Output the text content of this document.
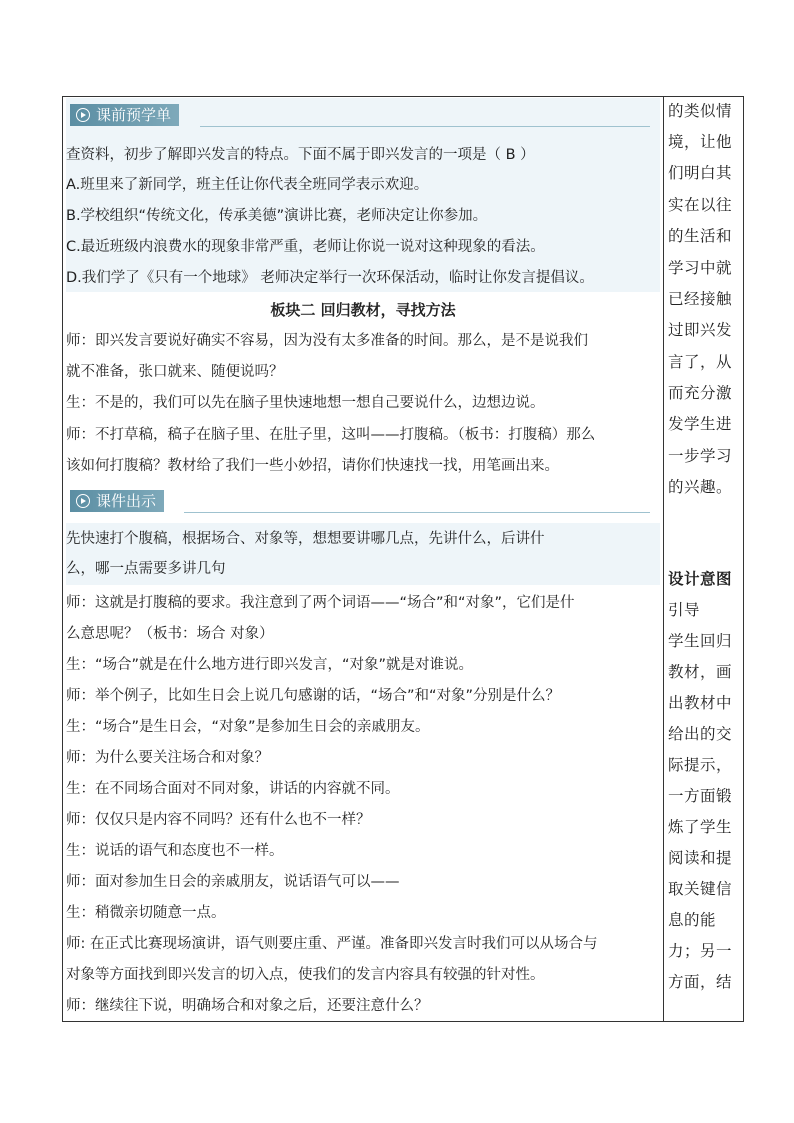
课前预学单
查资料，初步了解即兴发言的特点。下面不属于即兴发言的一项是（ B ）
A.班里来了新同学，班主任让你代表全班同学表示欢迎。
B.学校组织“传统文化，传承美德”演讲比赛，老师决定让你参加。
C.最近班级内浪费水的现象非常严重，老师让你说一说对这种现象的看法。
D.我们学了《只有一个地球》 老师决定举行一次环保活动，临时让你发言提倡议。
板块二 回归教材，寻找方法
师：即兴发言要说好确实不容易，因为没有太多准备的时间。那么，是不是说我们
就不准备，张口就来、随便说吗？
生：不是的，我们可以先在脑子里快速地想一想自己要说什么，边想边说。
师：不打草稿，稿子在脑子里、在肚子里，这叫——打腹稿。（板书：打腹稿）那么
该如何打腹稿？教材给了我们一些小妙招，请你们快速找一找，用笔画出来。
课件出示
先快速打个腹稿，根据场合、对象等，想想要讲哪几点，先讲什么，后讲什
么，哪一点需要多讲几句
师：这就是打腹稿的要求。我注意到了两个词语——“场合”和“对象”，它们是什
么意思呢？（板书：场合 对象）
生：“场合”就是在什么地方进行即兴发言，“对象”就是对谁说。
师：举个例子，比如生日会上说几句感谢的话，“场合”和“对象”分别是什么？
生：“场合”是生日会，“对象”是参加生日会的亲戚朋友。
师：为什么要关注场合和对象？
生：在不同场合面对不同对象，讲话的内容就不同。
师：仅仅只是内容不同吗？还有什么也不一样？
生：说话的语气和态度也不一样。
师：面对参加生日会的亲戚朋友，说话语气可以——
生：稍微亲切随意一点。
师: 在正式比赛现场演讲，语气则要庄重、严谨。准备即兴发言时我们可以从场合与
对象等方面找到即兴发言的切入点，使我们的发言内容具有较强的针对性。
师：继续往下说，明确场合和对象之后，还要注意什么？
的类似情
境，让他
们明白其
实在以往
的生活和
学习中就
已经接触
过即兴发
言了，从
而充分激
发学生进
一步学习
的兴趣。
设计意图
引导
学生回归
教材，画
出教材中
给出的交
际提示，
一方面锻
炼了学生
阅读和提
取关键信
息的能
力；另一
方面，结
